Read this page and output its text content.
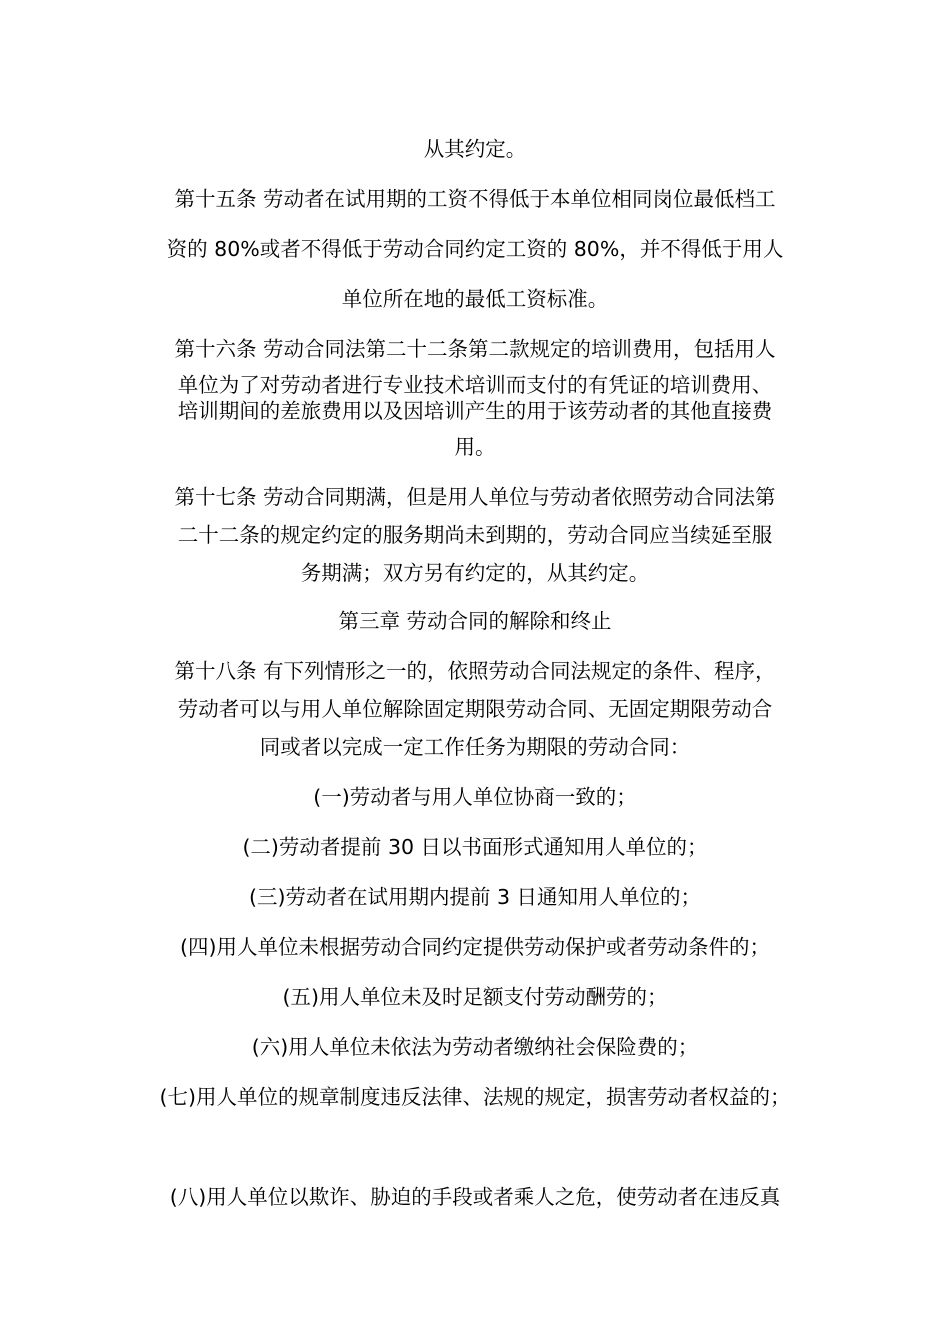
从其约定。
第十五条 劳动者在试用期的工资不得低于本单位相同岗位最低档工
资的 80%或者不得低于劳动合同约定工资的 80%，并不得低于用人
单位所在地的最低工资标准。
第十六条 劳动合同法第二十二条第二款规定的培训费用，包括用人
单位为了对劳动者进行专业技术培训而支付的有凭证的培训费用、
培训期间的差旅费用以及因培训产生的用于该劳动者的其他直接费
用。
第十七条 劳动合同期满，但是用人单位与劳动者依照劳动合同法第
二十二条的规定约定的服务期尚未到期的，劳动合同应当续延至服
务期满；双方另有约定的，从其约定。
第三章 劳动合同的解除和终止
第十八条 有下列情形之一的，依照劳动合同法规定的条件、程序，
劳动者可以与用人单位解除固定期限劳动合同、无固定期限劳动合
同或者以完成一定工作任务为期限的劳动合同：
(一)劳动者与用人单位协商一致的；
(二)劳动者提前 30 日以书面形式通知用人单位的；
(三)劳动者在试用期内提前 3 日通知用人单位的；
(四)用人单位未根据劳动合同约定提供劳动保护或者劳动条件的；
(五)用人单位未及时足额支付劳动酬劳的；
(六)用人单位未依法为劳动者缴纳社会保险费的；
(七)用人单位的规章制度违反法律、法规的规定，损害劳动者权益的；
(八)用人单位以欺诈、胁迫的手段或者乘人之危，使劳动者在违反真
